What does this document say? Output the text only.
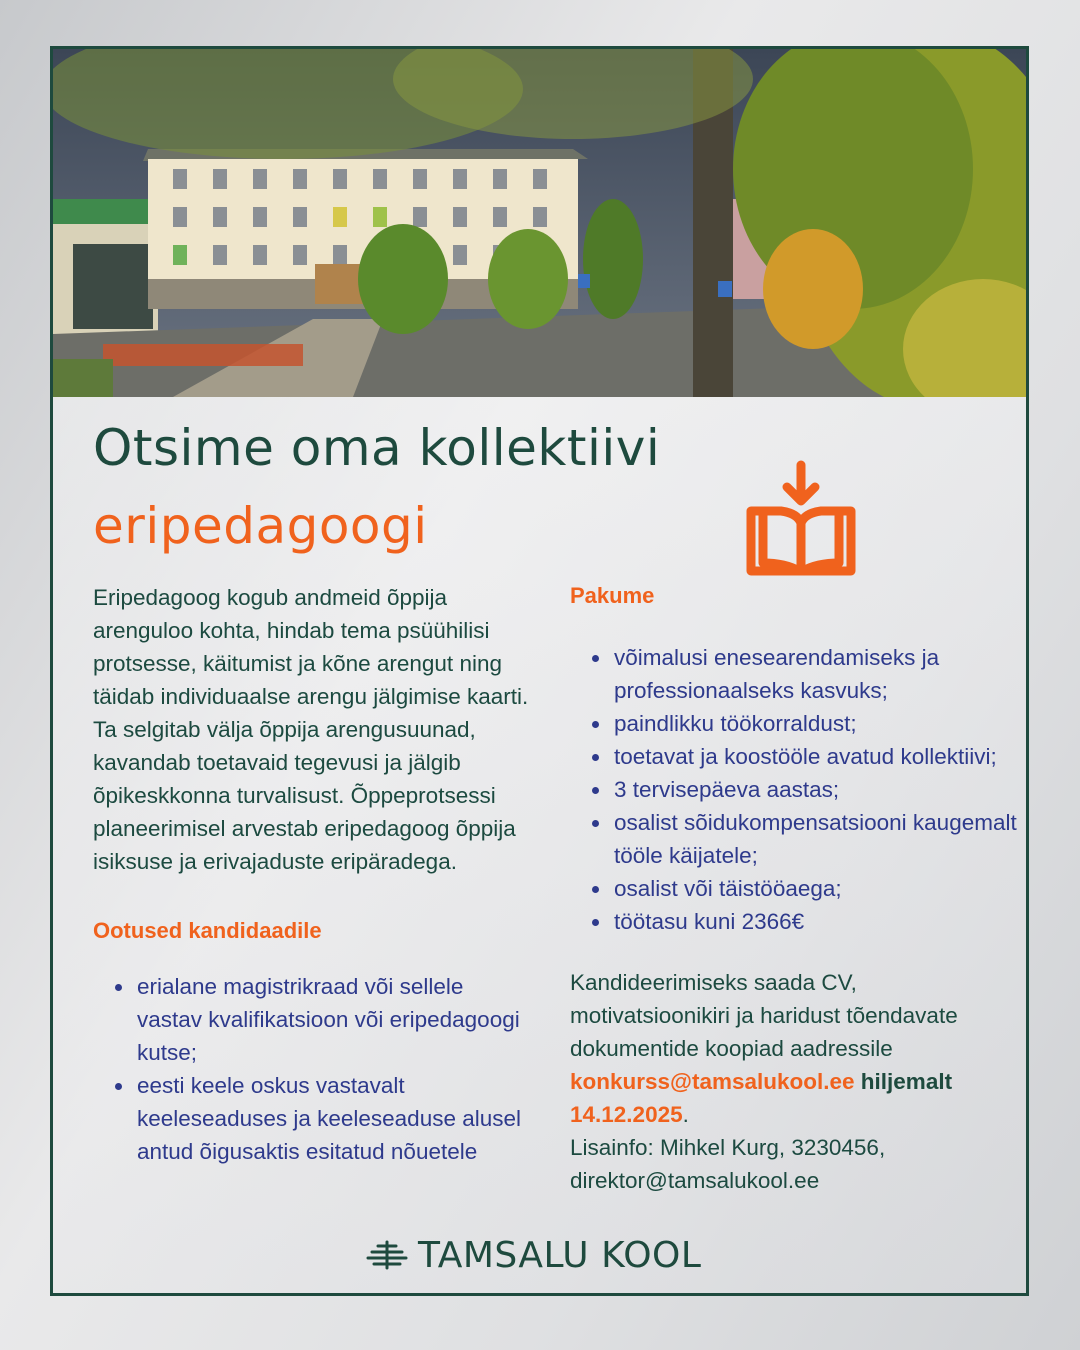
Otsime oma kollektiivi
eripedagoogi

Eripedagoog kogub andmeid õppija arenguloo kohta, hindab tema psüühilisi protsesse, käitumist ja kõne arengut ning täidab individuaalse arengu jälgimise kaarti. Ta selgitab välja õppija arengusuunad, kavandab toetavaid tegevusi ja jälgib õpikeskkonna turvalisust. Õppeprotsessi planeerimisel arvestab eripedagoog õppija isiksuse ja erivajaduste eripäradega.

Ootused kandidaadile
• erialane magistrikraad või sellele vastav kvalifikatsioon või eripedagoogi kutse;
• eesti keele oskus vastavalt keeleseaduses ja keeleseaduse alusel antud õigusaktis esitatud nõuetele
Pakume
• võimalusi enesearendamiseks ja professionaalseks kasvuks;
• paindlikku töökorraldust;
• toetavat ja koostööle avatud kollektiivi;
• 3 tervisepäeva aastas;
• osalist sõidukompensatsiooni kaugemalt tööle käijatele;
• osalist või täistööaega;
• töötasu kuni 2366€

Kandideerimiseks saada CV, motivatsioonikiri ja haridust tõendavate dokumentide koopiad aadressile konkurss@tamsalukool.ee hiljemalt
14.12.2025.

Lisainfo: Mihkel Kurg, 3230456,

direktor@tamsalukool.ee

TAMSALU KOOL
